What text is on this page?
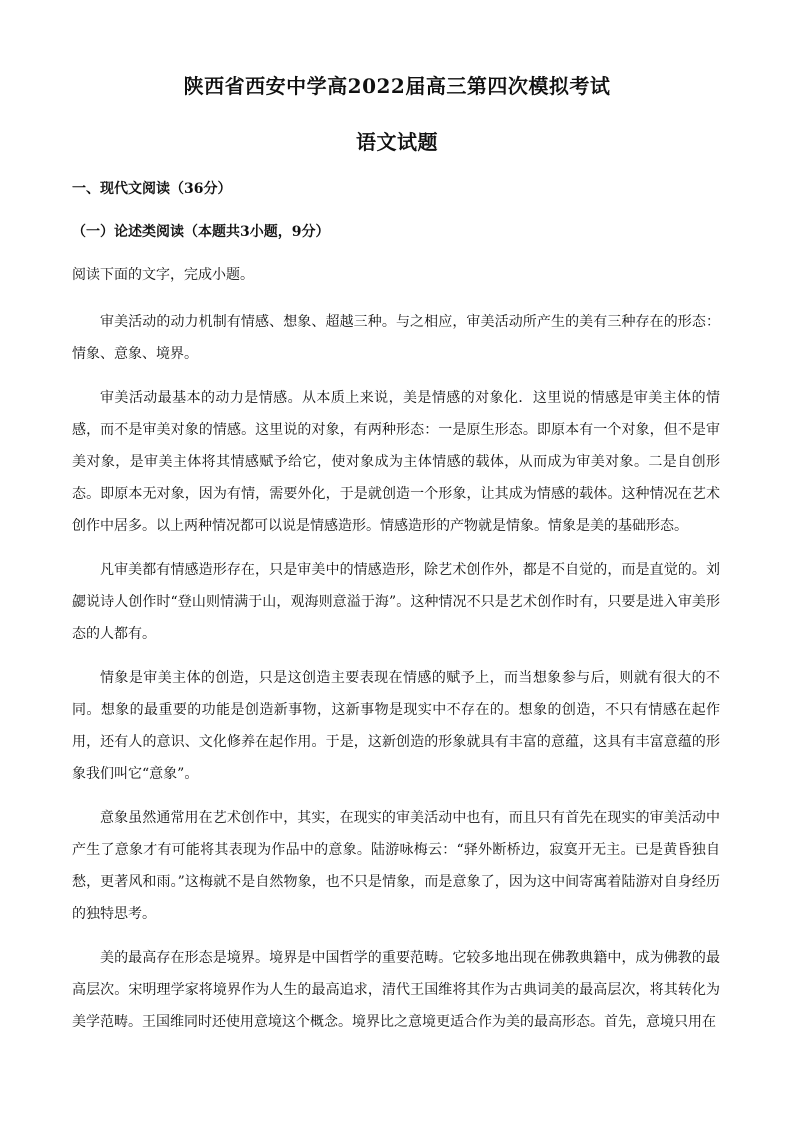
陕西省西安中学高2022届高三第四次模拟考试
语文试题

一、现代文阅读（36分）

（一）论述类阅读（本题共3小题，9分）

阅读下面的文字，完成小题。

审美活动的动力机制有情感、想象、超越三种。与之相应，审美活动所产生的美有三种存在的形态：情象、意象、境界。

审美活动最基本的动力是情感。从本质上来说，美是情感的对象化．这里说的情感是审美主体的情感，而不是审美对象的情感。这里说的对象，有两种形态：一是原生形态。即原本有一个对象，但不是审美对象，是审美主体将其情感赋予给它，使对象成为主体情感的载体，从而成为审美对象。二是自创形态。即原本无对象，因为有情，需要外化，于是就创造一个形象，让其成为情感的载体。这种情况在艺术创作中居多。以上两种情况都可以说是情感造形。情感造形的产物就是情象。情象是美的基础形态。

凡审美都有情感造形存在，只是审美中的情感造形，除艺术创作外，都是不自觉的，而是直觉的。刘勰说诗人创作时“登山则情满于山，观海则意溢于海”。这种情况不只是艺术创作时有，只要是进入审美形态的人都有。

情象是审美主体的创造，只是这创造主要表现在情感的赋予上，而当想象参与后，则就有很大的不同。想象的最重要的功能是创造新事物，这新事物是现实中不存在的。想象的创造，不只有情感在起作用，还有人的意识、文化修养在起作用。于是，这新创造的形象就具有丰富的意蕴，这具有丰富意蕴的形象我们叫它“意象”。

意象虽然通常用在艺术创作中，其实，在现实的审美活动中也有，而且只有首先在现实的审美活动中产生了意象才有可能将其表现为作品中的意象。陆游咏梅云：“驿外断桥边，寂寞开无主。已是黄昏独自愁，更著风和雨。”这梅就不是自然物象，也不只是情象，而是意象了，因为这中间寄寓着陆游对自身经历的独特思考。

美的最高存在形态是境界。境界是中国哲学的重要范畴。它较多地出现在佛教典籍中，成为佛教的最高层次。宋明理学家将境界作为人生的最高追求，清代王国维将其作为古典词美的最高层次，将其转化为美学范畴。王国维同时还使用意境这个概念。境界比之意境更适合作为美的最高形态。首先，意境只用在
